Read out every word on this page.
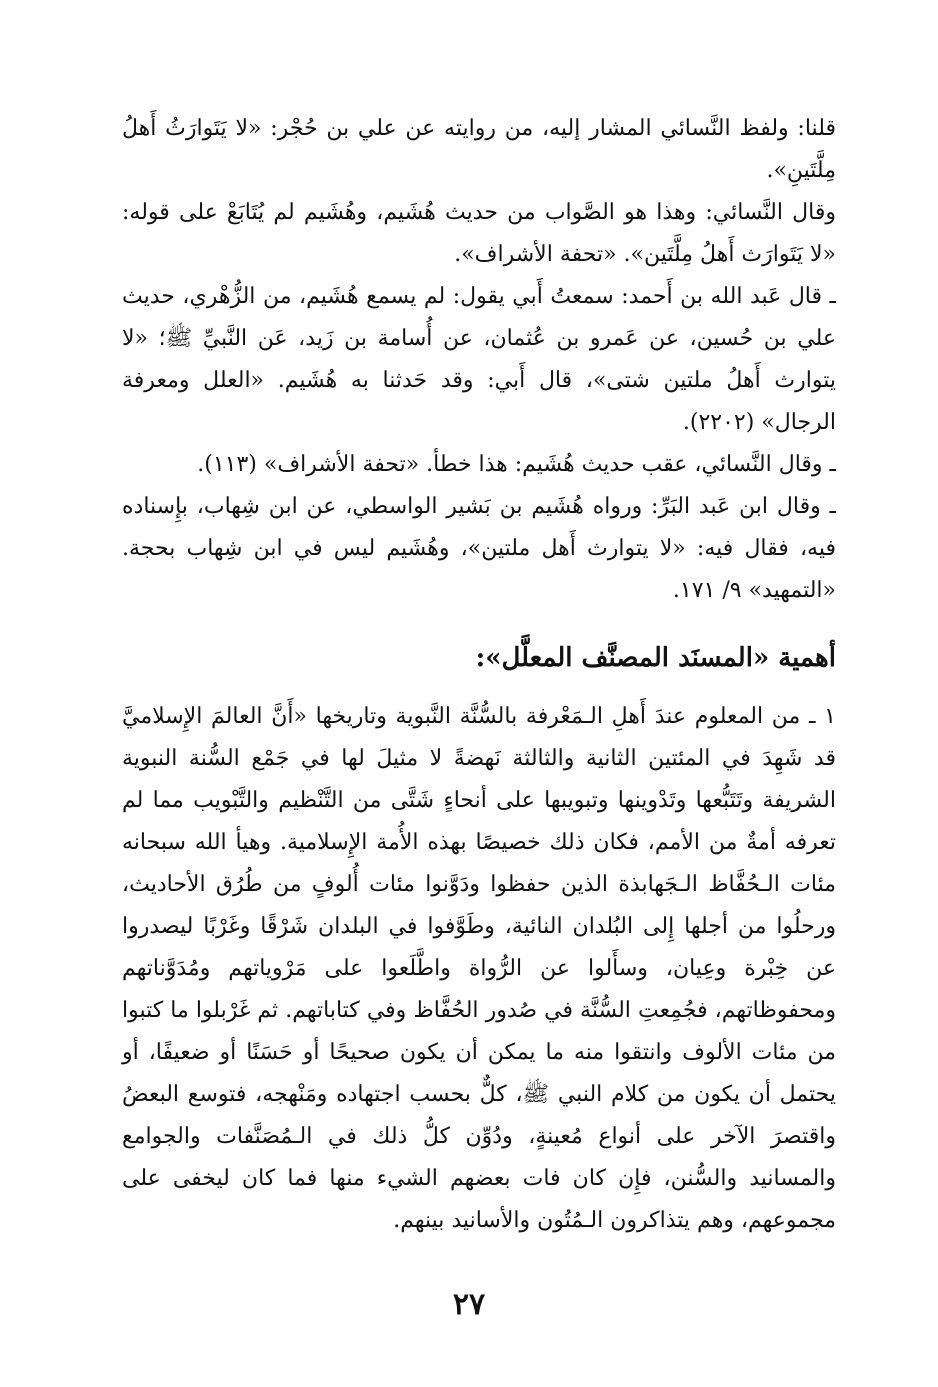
قلنا: ولفظ النَّسائي المشار إليه، من روايته عن علي بن حُجْر: «لا يَتَوارَثُ أَهلُ مِلَّتَينِ».

وقال النَّسائي: وهذا هو الصَّواب من حديث هُشَيم، وهُشَيم لم يُتَابَعْ على قوله: «لا يَتَوارَث أَهلُ مِلَّتَين». «تحفة الأشراف».

ـ قال عَبد الله بن أَحمد: سمعتُ أَبي يقول: لم يسمع هُشَيم، من الزُّهْري، حديث علي بن حُسين، عن عَمرو بن عُثمان، عن أُسامة بن زَيد، عَن النَّبيِّ ﷺ؛ «لا يتوارث أَهلُ ملتين شتى»، قال أَبي: وقد حَدثنا به هُشَيم. «العلل ومعرفة الرجال» (٢٢٠٢).

ـ وقال النَّسائي، عقب حديث هُشَيم: هذا خطأ. «تحفة الأشراف» (١١٣).

ـ وقال ابن عَبد البَرِّ: ورواه هُشَيم بن بَشير الواسطي، عن ابن شِهاب، بإِسناده فيه، فقال فيه: «لا يتوارث أَهل ملتين»، وهُشَيم ليس في ابن شِهاب بحجة. «التمهيد» ٩/ ١٧١.

أهمية «المسنَد المصنَّف المعلَّل»:

١ ـ من المعلوم عندَ أَهلِ الـمَعْرفة بالسُّنَّة النَّبوية وتاريخها «أَنَّ العالمَ الإِسلاميَّ قد شَهِدَ في المئتين الثانية والثالثة نَهضةً لا مثيلَ لها في جَمْع السُّنة النبوية الشريفة وتَتَبُّعها وتَدْوينها وتبويبها على أنحاءٍ شَتَّى من التَّنْظيم والتَّبْويب مما لم تعرفه أمةٌ من الأمم، فكان ذلك خصيصًا بهذه الأُمة الإِسلامية. وهيأ الله سبحانه مئات الـحُفَّاظ الـجَهابذة الذين حفظوا ودَوَّنوا مئات أُلوفٍ من طُرُق الأحاديث، ورحلُوا من أجلها إِلى البُلدان النائية، وطَوَّفوا في البلدان شَرْقًا وغَرْبًا ليصدروا عن خِبْرة وعِيان، وسأَلوا عن الرُّواة واطَّلَعوا على مَرْوياتهم ومُدَوَّناتهم ومحفوظاتهم، فجُمِعتِ السُّنَّة في صُدور الحُفَّاظ وفي كتاباتهم. ثم غَرْبلوا ما كتبوا من مئات الألوف وانتقوا منه ما يمكن أن يكون صحيحًا أو حَسَنًا أو ضعيفًا، أو يحتمل أن يكون من كلام النبي ﷺ، كلٌّ بحسب اجتهاده ومَنْهجه، فتوسع البعضُ واقتصرَ الآخر على أنواع مُعينةٍ، ودُوِّن كلُّ ذلك في الـمُصَنَّفات والجوامع والمسانيد والسُّنن، فإِن كان فات بعضهم الشيء منها فما كان ليخفى على مجموعهم، وهم يتذاكرون الـمُتُون والأسانيد بينهم.

٢٧
